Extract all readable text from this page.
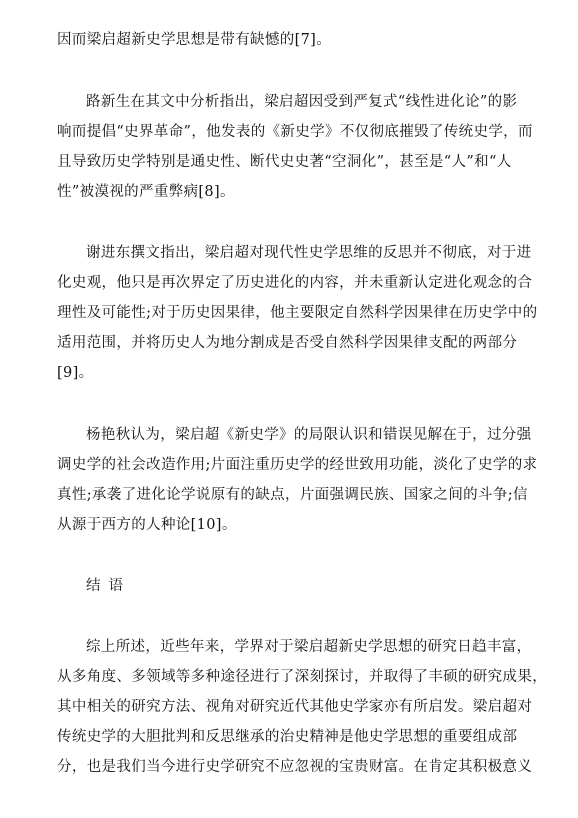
因而梁启超新史学思想是带有缺憾的[7]。
路新生在其文中分析指出，梁启超因受到严复式“线性进化论”的影
响而提倡“史界革命”，他发表的《新史学》不仅彻底摧毁了传统史学，而
且导致历史学特别是通史性、断代史史著“空洞化”，甚至是“人”和“人
性”被漠视的严重弊病[8]。
谢进东撰文指出，梁启超对现代性史学思维的反思并不彻底，对于进
化史观，他只是再次界定了历史进化的内容，并未重新认定进化观念的合
理性及可能性;对于历史因果律，他主要限定自然科学因果律在历史学中的
适用范围，并将历史人为地分割成是否受自然科学因果律支配的两部分
[9]。
杨艳秋认为，梁启超《新史学》的局限认识和错误见解在于，过分强
调史学的社会改造作用;片面注重历史学的经世致用功能，淡化了史学的求
真性;承袭了进化论学说原有的缺点，片面强调民族、国家之间的斗争;信
从源于西方的人种论[10]。
结语
综上所述，近些年来，学界对于梁启超新史学思想的研究日趋丰富，
从多角度、多领域等多种途径进行了深刻探讨，并取得了丰硕的研究成果，
其中相关的研究方法、视角对研究近代其他史学家亦有所启发。梁启超对
传统史学的大胆批判和反思继承的治史精神是他史学思想的重要组成部
分，也是我们当今进行史学研究不应忽视的宝贵财富。在肯定其积极意义
